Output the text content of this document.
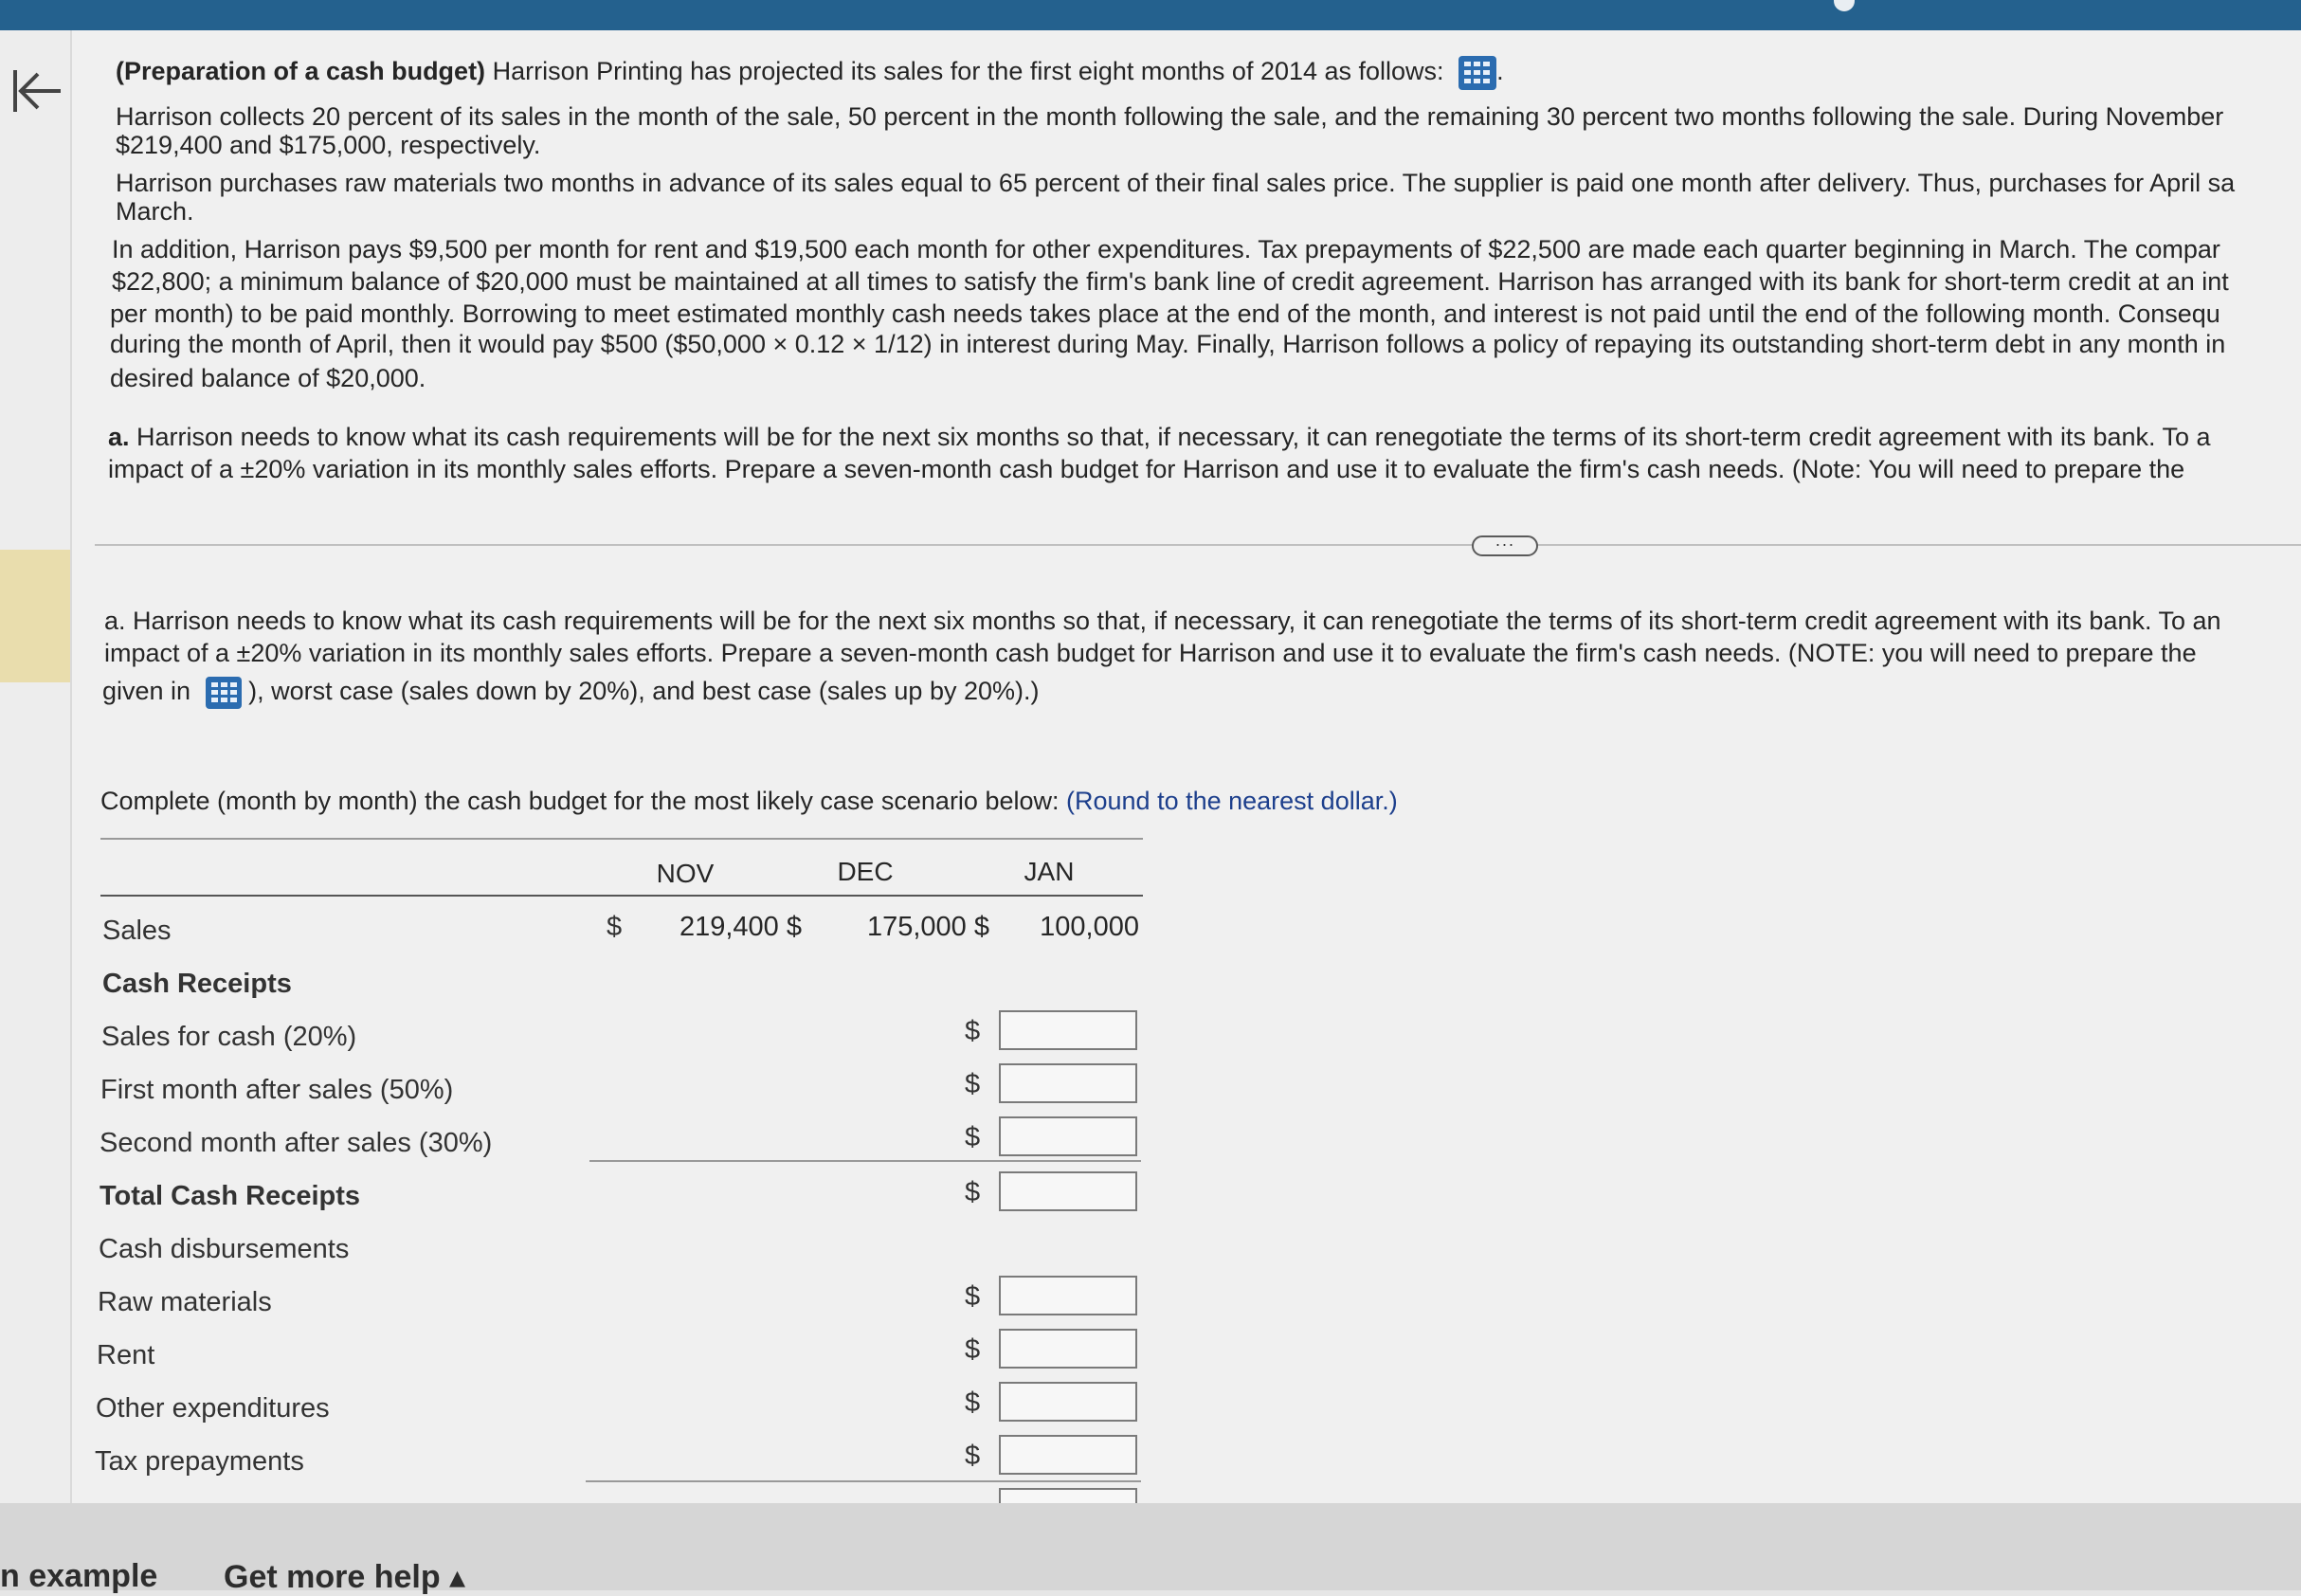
(Preparation of a cash budget) Harrison Printing has projected its sales for the first eight months of 2014 as follows: .
Harrison collects 20 percent of its sales in the month of the sale, 50 percent in the month following the sale, and the remaining 30 percent two months following the sale. During November
$219,400 and $175,000, respectively.
Harrison purchases raw materials two months in advance of its sales equal to 65 percent of their final sales price. The supplier is paid one month after delivery. Thus, purchases for April sa
March.
In addition, Harrison pays $9,500 per month for rent and $19,500 each month for other expenditures. Tax prepayments of $22,500 are made each quarter beginning in March. The compar
$22,800; a minimum balance of $20,000 must be maintained at all times to satisfy the firm's bank line of credit agreement. Harrison has arranged with its bank for short-term credit at an int
per month) to be paid monthly. Borrowing to meet estimated monthly cash needs takes place at the end of the month, and interest is not paid until the end of the following month. Consequ
during the month of April, then it would pay $500 ($50,000 × 0.12 × 1/12) in interest during May. Finally, Harrison follows a policy of repaying its outstanding short-term debt in any month in
desired balance of $20,000.
a. Harrison needs to know what its cash requirements will be for the next six months so that, if necessary, it can renegotiate the terms of its short-term credit agreement with its bank. To a
impact of a ±20% variation in its monthly sales efforts. Prepare a seven-month cash budget for Harrison and use it to evaluate the firm's cash needs. (Note: You will need to prepare the
···
a. Harrison needs to know what its cash requirements will be for the next six months so that, if necessary, it can renegotiate the terms of its short-term credit agreement with its bank. To an
impact of a ±20% variation in its monthly sales efforts. Prepare a seven-month cash budget for Harrison and use it to evaluate the firm's cash needs. (NOTE: you will need to prepare the
given in ), worst case (sales down by 20%), and best case (sales up by 20%).)
Complete (month by month) the cash budget for the most likely case scenario below: (Round to the nearest dollar.)
NOV	DEC	JAN
Sales	$	219,400 $	175,000 $	100,000
Cash Receipts
Sales for cash (20%)	$
First month after sales (50%)	$
Second month after sales (30%)	$
Total Cash Receipts	$
Cash disbursements
Raw materials	$
Rent	$
Other expenditures	$
Tax prepayments	$
n example Get more help ▴
